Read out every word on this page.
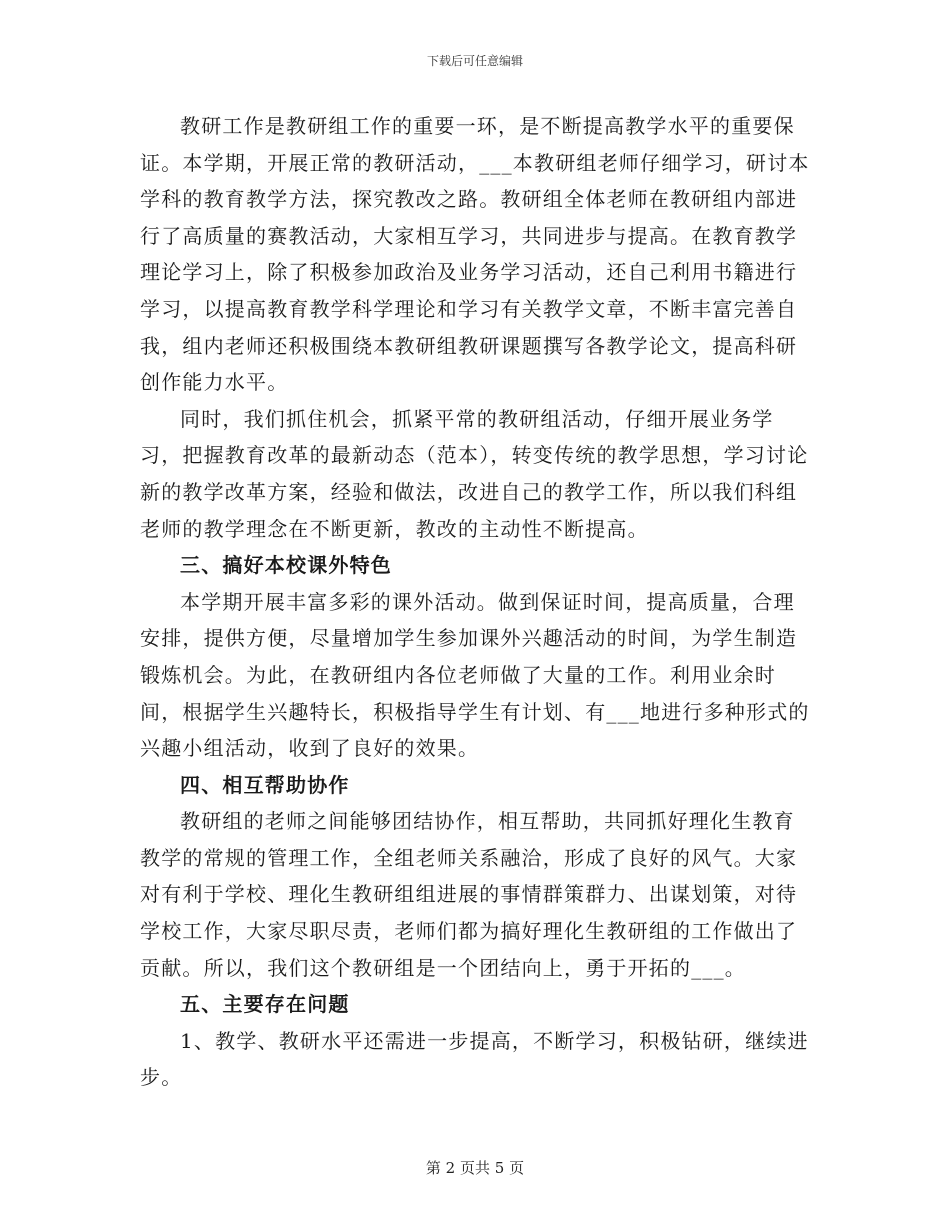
下载后可任意编辑

教研工作是教研组工作的重要一环，是不断提高教学水平的重要保证。本学期，开展正常的教研活动，___本教研组老师仔细学习，研讨本学科的教育教学方法，探究教改之路。教研组全体老师在教研组内部进行了高质量的赛教活动，大家相互学习，共同进步与提高。在教育教学理论学习上，除了积极参加政治及业务学习活动，还自己利用书籍进行学习，以提高教育教学科学理论和学习有关教学文章，不断丰富完善自我，组内老师还积极围绕本教研组教研课题撰写各教学论文，提高科研创作能力水平。

同时，我们抓住机会，抓紧平常的教研组活动，仔细开展业务学习，把握教育改革的最新动态（范本），转变传统的教学思想，学习讨论新的教学改革方案，经验和做法，改进自己的教学工作，所以我们科组老师的教学理念在不断更新，教改的主动性不断提高。

三、搞好本校课外特色

本学期开展丰富多彩的课外活动。做到保证时间，提高质量，合理安排，提供方便，尽量增加学生参加课外兴趣活动的时间，为学生制造锻炼机会。为此，在教研组内各位老师做了大量的工作。利用业余时间，根据学生兴趣特长，积极指导学生有计划、有___地进行多种形式的兴趣小组活动，收到了良好的效果。

四、相互帮助协作

教研组的老师之间能够团结协作，相互帮助，共同抓好理化生教育教学的常规的管理工作，全组老师关系融洽，形成了良好的风气。大家对有利于学校、理化生教研组组进展的事情群策群力、出谋划策，对待学校工作，大家尽职尽责，老师们都为搞好理化生教研组的工作做出了贡献。所以，我们这个教研组是一个团结向上，勇于开拓的___。

五、主要存在问题

1、教学、教研水平还需进一步提高，不断学习，积极钻研，继续进步。

第 2 页共 5 页
